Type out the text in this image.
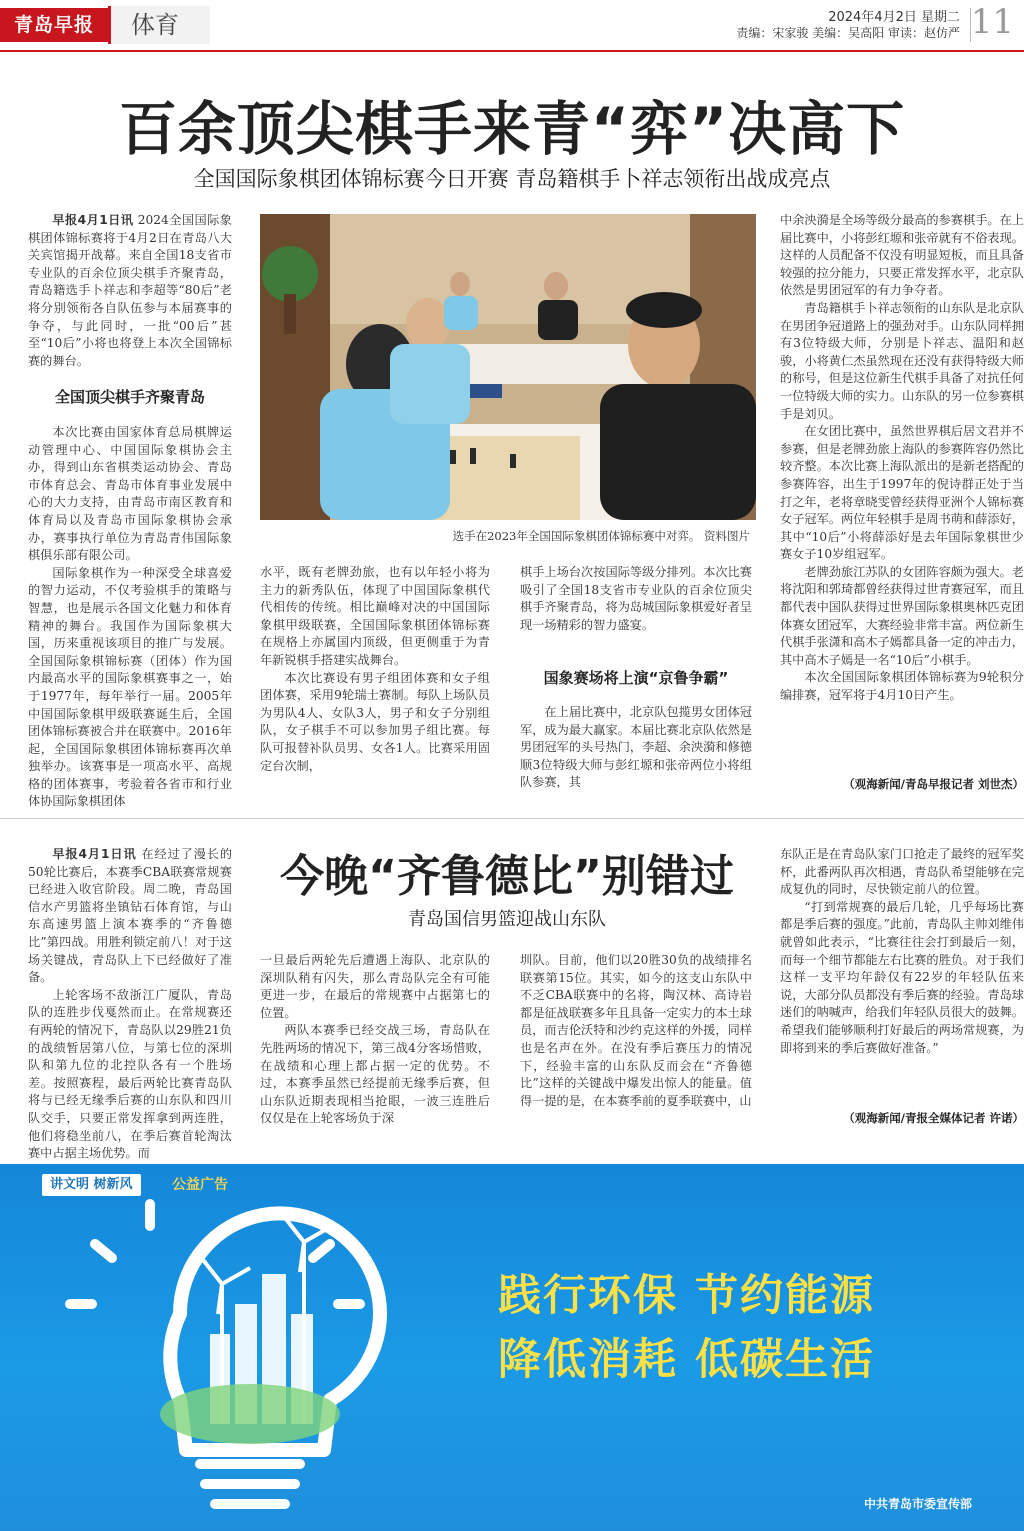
青岛早报	体育	2024年4月2日 星期二
责编：宋家骏 美编：吴高阳 审读：赵仿严 11
百余顶尖棋手来青“弈”决高下
全国国际象棋团体锦标赛今日开赛 青岛籍棋手卜祥志领衔出战成亮点

早报4月1日讯 2024全国国际象棋团体锦标赛将于4月2日在青岛八大关宾馆揭开战幕。来自全国18支省市专业队的百余位顶尖棋手齐聚青岛，青岛籍选手卜祥志和李超等“80后”老将分别领衔各自队伍参与本届赛事的争夺，与此同时，一批“00后”甚至“10后”小将也将登上本次全国锦标赛的舞台。

全国顶尖棋手齐聚青岛

本次比赛由国家体育总局棋牌运动管理中心、中国国际象棋协会主办，得到山东省棋类运动协会、青岛市体育总会、青岛市体育事业发展中心的大力支持，由青岛市南区教育和体育局以及青岛市国际象棋协会承办，赛事执行单位为青岛青伟国际象棋俱乐部有限公司。

国际象棋作为一种深受全球喜爱的智力运动，不仅考验棋手的策略与智慧，也是展示各国文化魅力和体育精神的舞台。我国作为国际象棋大国，历来重视该项目的推广与发展。全国国际象棋锦标赛（团体）作为国内最高水平的国际象棋赛事之一，始于1977年，每年举行一届。2005年中国国际象棋甲级联赛诞生后，全国团体锦标赛被合并在联赛中。2016年起，全国国际象棋团体锦标赛再次单独举办。该赛事是一项高水平、高规格的团体赛事，考验着各省市和行业体协国际象棋团体

选手在2023年全国国际象棋团体锦标赛中对弈。 资料图片

水平，既有老牌劲旅，也有以年轻小将为主力的新秀队伍，体现了中国国际象棋代代相传的传统。相比巅峰对决的中国国际象棋甲级联赛，全国国际象棋团体锦标赛在规格上亦属国内顶级，但更侧重于为青年新锐棋手搭建实战舞台。

本次比赛设有男子组团体赛和女子组团体赛，采用9轮瑞士赛制。每队上场队员为男队4人、女队3人，男子和女子分别组队，女子棋手不可以参加男子组比赛。每队可报替补队员男、女各1人。比赛采用固定台次制，

棋手上场台次按国际等级分排列。本次比赛吸引了全国18支省市专业队的百余位顶尖棋手齐聚青岛，将为岛城国际象棋爱好者呈现一场精彩的智力盛宴。

国象赛场将上演“京鲁争霸”

在上届比赛中，北京队包揽男女团体冠军，成为最大赢家。本届比赛北京队依然是男团冠军的头号热门，李超、余泱漪和修德顺3位特级大师与彭红塬和张帝两位小将组队参赛，其

中余泱漪是全场等级分最高的参赛棋手。在上届比赛中，小将彭红塬和张帝就有不俗表现。这样的人员配备不仅没有明显短板，而且具备较强的拉分能力，只要正常发挥水平，北京队依然是男团冠军的有力争夺者。

青岛籍棋手卜祥志领衔的山东队是北京队在男团争冠道路上的强劲对手。山东队同样拥有3位特级大师，分别是卜祥志、温阳和赵骏，小将黄仁杰虽然现在还没有获得特级大师的称号，但是这位新生代棋手具备了对抗任何一位特级大师的实力。山东队的另一位参赛棋手是刘贝。

在女团比赛中，虽然世界棋后居文君并不参赛，但是老牌劲旅上海队的参赛阵容仍然比较齐整。本次比赛上海队派出的是新老搭配的参赛阵容，出生于1997年的倪诗群正处于当打之年，老将章晓雯曾经获得亚洲个人锦标赛女子冠军。两位年轻棋手是周书萌和薛添好，其中“10后”小将薛添好是去年国际象棋世少赛女子10岁组冠军。

老牌劲旅江苏队的女团阵容颇为强大。老将沈阳和郭琦都曾经获得过世青赛冠军，而且都代表中国队获得过世界国际象棋奥林匹克团体赛女团冠军，大赛经验非常丰富。两位新生代棋手张潇和高木子嫣都具备一定的冲击力，其中高木子嫣是一名“10后”小棋手。

本次全国国际象棋团体锦标赛为9轮积分编排赛，冠军将于4月10日产生。

（观海新闻/青岛早报记者 刘世杰）
今晚“齐鲁德比”别错过
青岛国信男篮迎战山东队

早报4月1日讯 在经过了漫长的50轮比赛后，本赛季CBA联赛常规赛已经进入收官阶段。周二晚，青岛国信水产男篮将坐镇钻石体育馆，与山东高速男篮上演本赛季的“齐鲁德比”第四战。用胜利锁定前八！对于这场关键战，青岛队上下已经做好了准备。

上轮客场不敌浙江广厦队，青岛队的连胜步伐戛然而止。在常规赛还有两轮的情况下，青岛队以29胜21负的战绩暂居第八位，与第七位的深圳队和第九位的北控队各有一个胜场差。按照赛程，最后两轮比赛青岛队将与已经无缘季后赛的山东队和四川队交手，只要正常发挥拿到两连胜，他们将稳坐前八，在季后赛首轮淘汰赛中占据主场优势。而

一旦最后两轮先后遭遇上海队、北京队的深圳队稍有闪失，那么青岛队完全有可能更进一步，在最后的常规赛中占据第七的位置。

两队本赛季已经交战三场，青岛队在先胜两场的情况下，第三战4分客场惜败，在战绩和心理上都占据一定的优势。不过，本赛季虽然已经提前无缘季后赛，但山东队近期表现相当抢眼，一波三连胜后仅仅是在上轮客场负于深

圳队。目前，他们以20胜30负的战绩排名联赛第15位。其实，如今的这支山东队中不乏CBA联赛中的名将，陶汉林、高诗岩都是征战联赛多年且具备一定实力的本土球员，而吉伦沃特和沙约克这样的外援，同样也是名声在外。在没有季后赛压力的情况下，经验丰富的山东队反而会在“齐鲁德比”这样的关键战中爆发出惊人的能量。值得一提的是，在本赛季前的夏季联赛中，山

东队正是在青岛队家门口抢走了最终的冠军奖杯，此番两队再次相遇，青岛队希望能够在完成复仇的同时，尽快锁定前八的位置。

“打到常规赛的最后几轮，几乎每场比赛都是季后赛的强度。”此前，青岛队主帅刘维伟就曾如此表示，“比赛往往会打到最后一刻，而每一个细节都能左右比赛的胜负。对于我们这样一支平均年龄仅有22岁的年轻队伍来说，大部分队员都没有季后赛的经验。青岛球迷们的呐喊声，给我们年轻队员很大的鼓舞。希望我们能够顺利打好最后的两场常规赛，为即将到来的季后赛做好准备。”

（观海新闻/青报全媒体记者 许诺）
讲文明 树新风	公益广告
践行环保 节约能源
降低消耗 低碳生活
中共青岛市委宣传部
